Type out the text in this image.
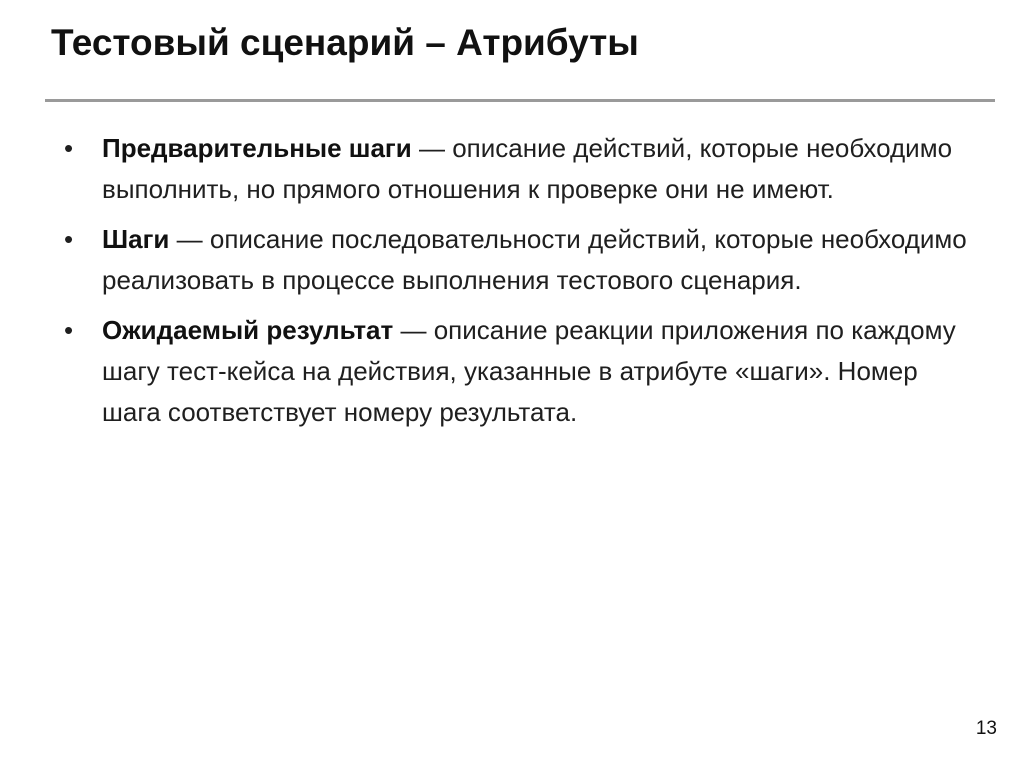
Тестовый сценарий – Атрибуты
• Предварительные шаги — описание действий, которые необходимо выполнить, но прямого отношения к проверке они не имеют.
• Шаги — описание последовательности действий, которые необходимо реализовать в процессе выполнения тестового сценария.
• Ожидаемый результат — описание реакции приложения по каждому шагу тест-кейса на действия, указанные в атрибуте «шаги». Номер шага соответствует номеру результата.
13
